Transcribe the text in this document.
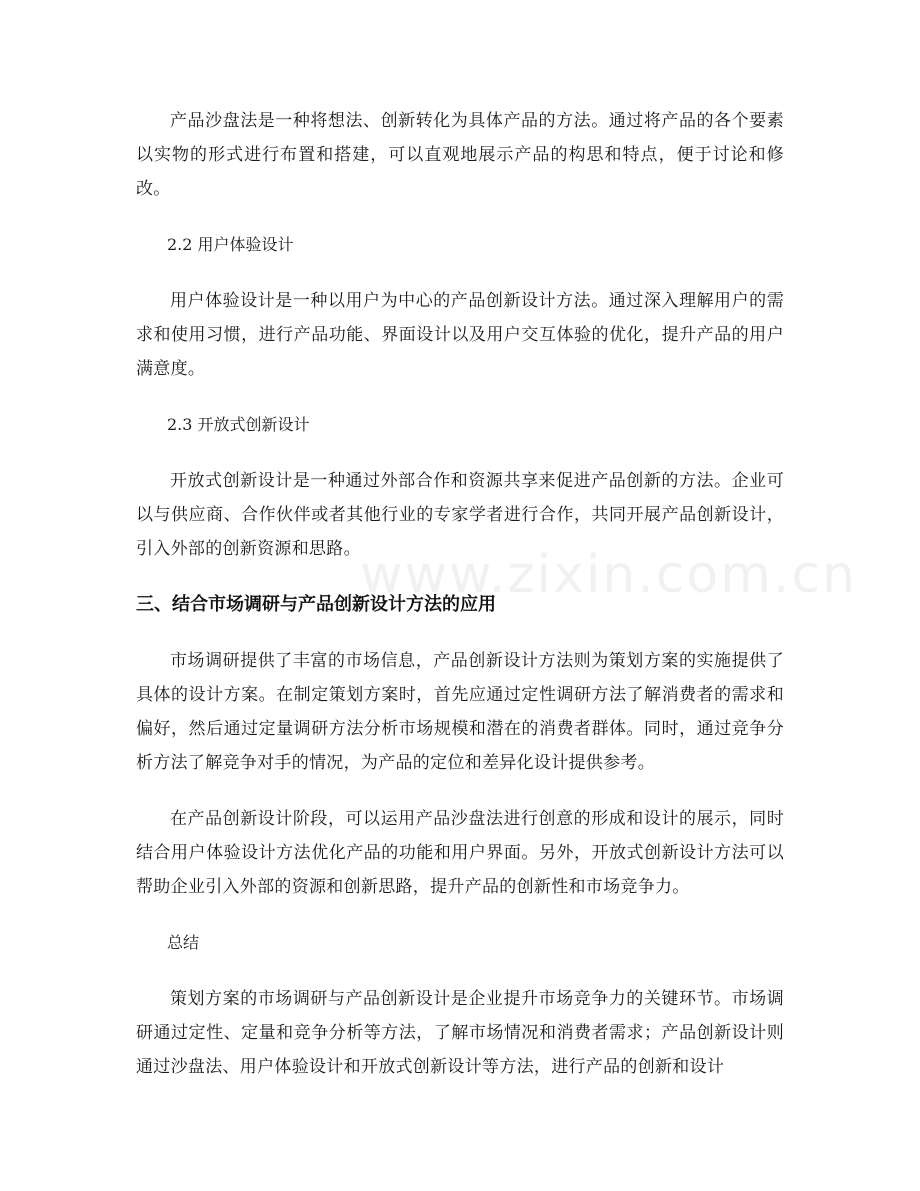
产品沙盘法是一种将想法、创新转化为具体产品的方法。通过将产品的各个要素以实物的形式进行布置和搭建，可以直观地展示产品的构思和特点，便于讨论和修改。

2.2 用户体验设计

用户体验设计是一种以用户为中心的产品创新设计方法。通过深入理解用户的需求和使用习惯，进行产品功能、界面设计以及用户交互体验的优化，提升产品的用户满意度。

2.3 开放式创新设计

开放式创新设计是一种通过外部合作和资源共享来促进产品创新的方法。企业可以与供应商、合作伙伴或者其他行业的专家学者进行合作，共同开展产品创新设计，引入外部的创新资源和思路。

三、结合市场调研与产品创新设计方法的应用

市场调研提供了丰富的市场信息，产品创新设计方法则为策划方案的实施提供了具体的设计方案。在制定策划方案时，首先应通过定性调研方法了解消费者的需求和偏好，然后通过定量调研方法分析市场规模和潜在的消费者群体。同时，通过竞争分析方法了解竞争对手的情况，为产品的定位和差异化设计提供参考。

在产品创新设计阶段，可以运用产品沙盘法进行创意的形成和设计的展示，同时结合用户体验设计方法优化产品的功能和用户界面。另外，开放式创新设计方法可以帮助企业引入外部的资源和创新思路，提升产品的创新性和市场竞争力。

总结

策划方案的市场调研与产品创新设计是企业提升市场竞争力的关键环节。市场调研通过定性、定量和竞争分析等方法，了解市场情况和消费者需求；产品创新设计则通过沙盘法、用户体验设计和开放式创新设计等方法，进行产品的创新和设计

www.zixin.com.cn
